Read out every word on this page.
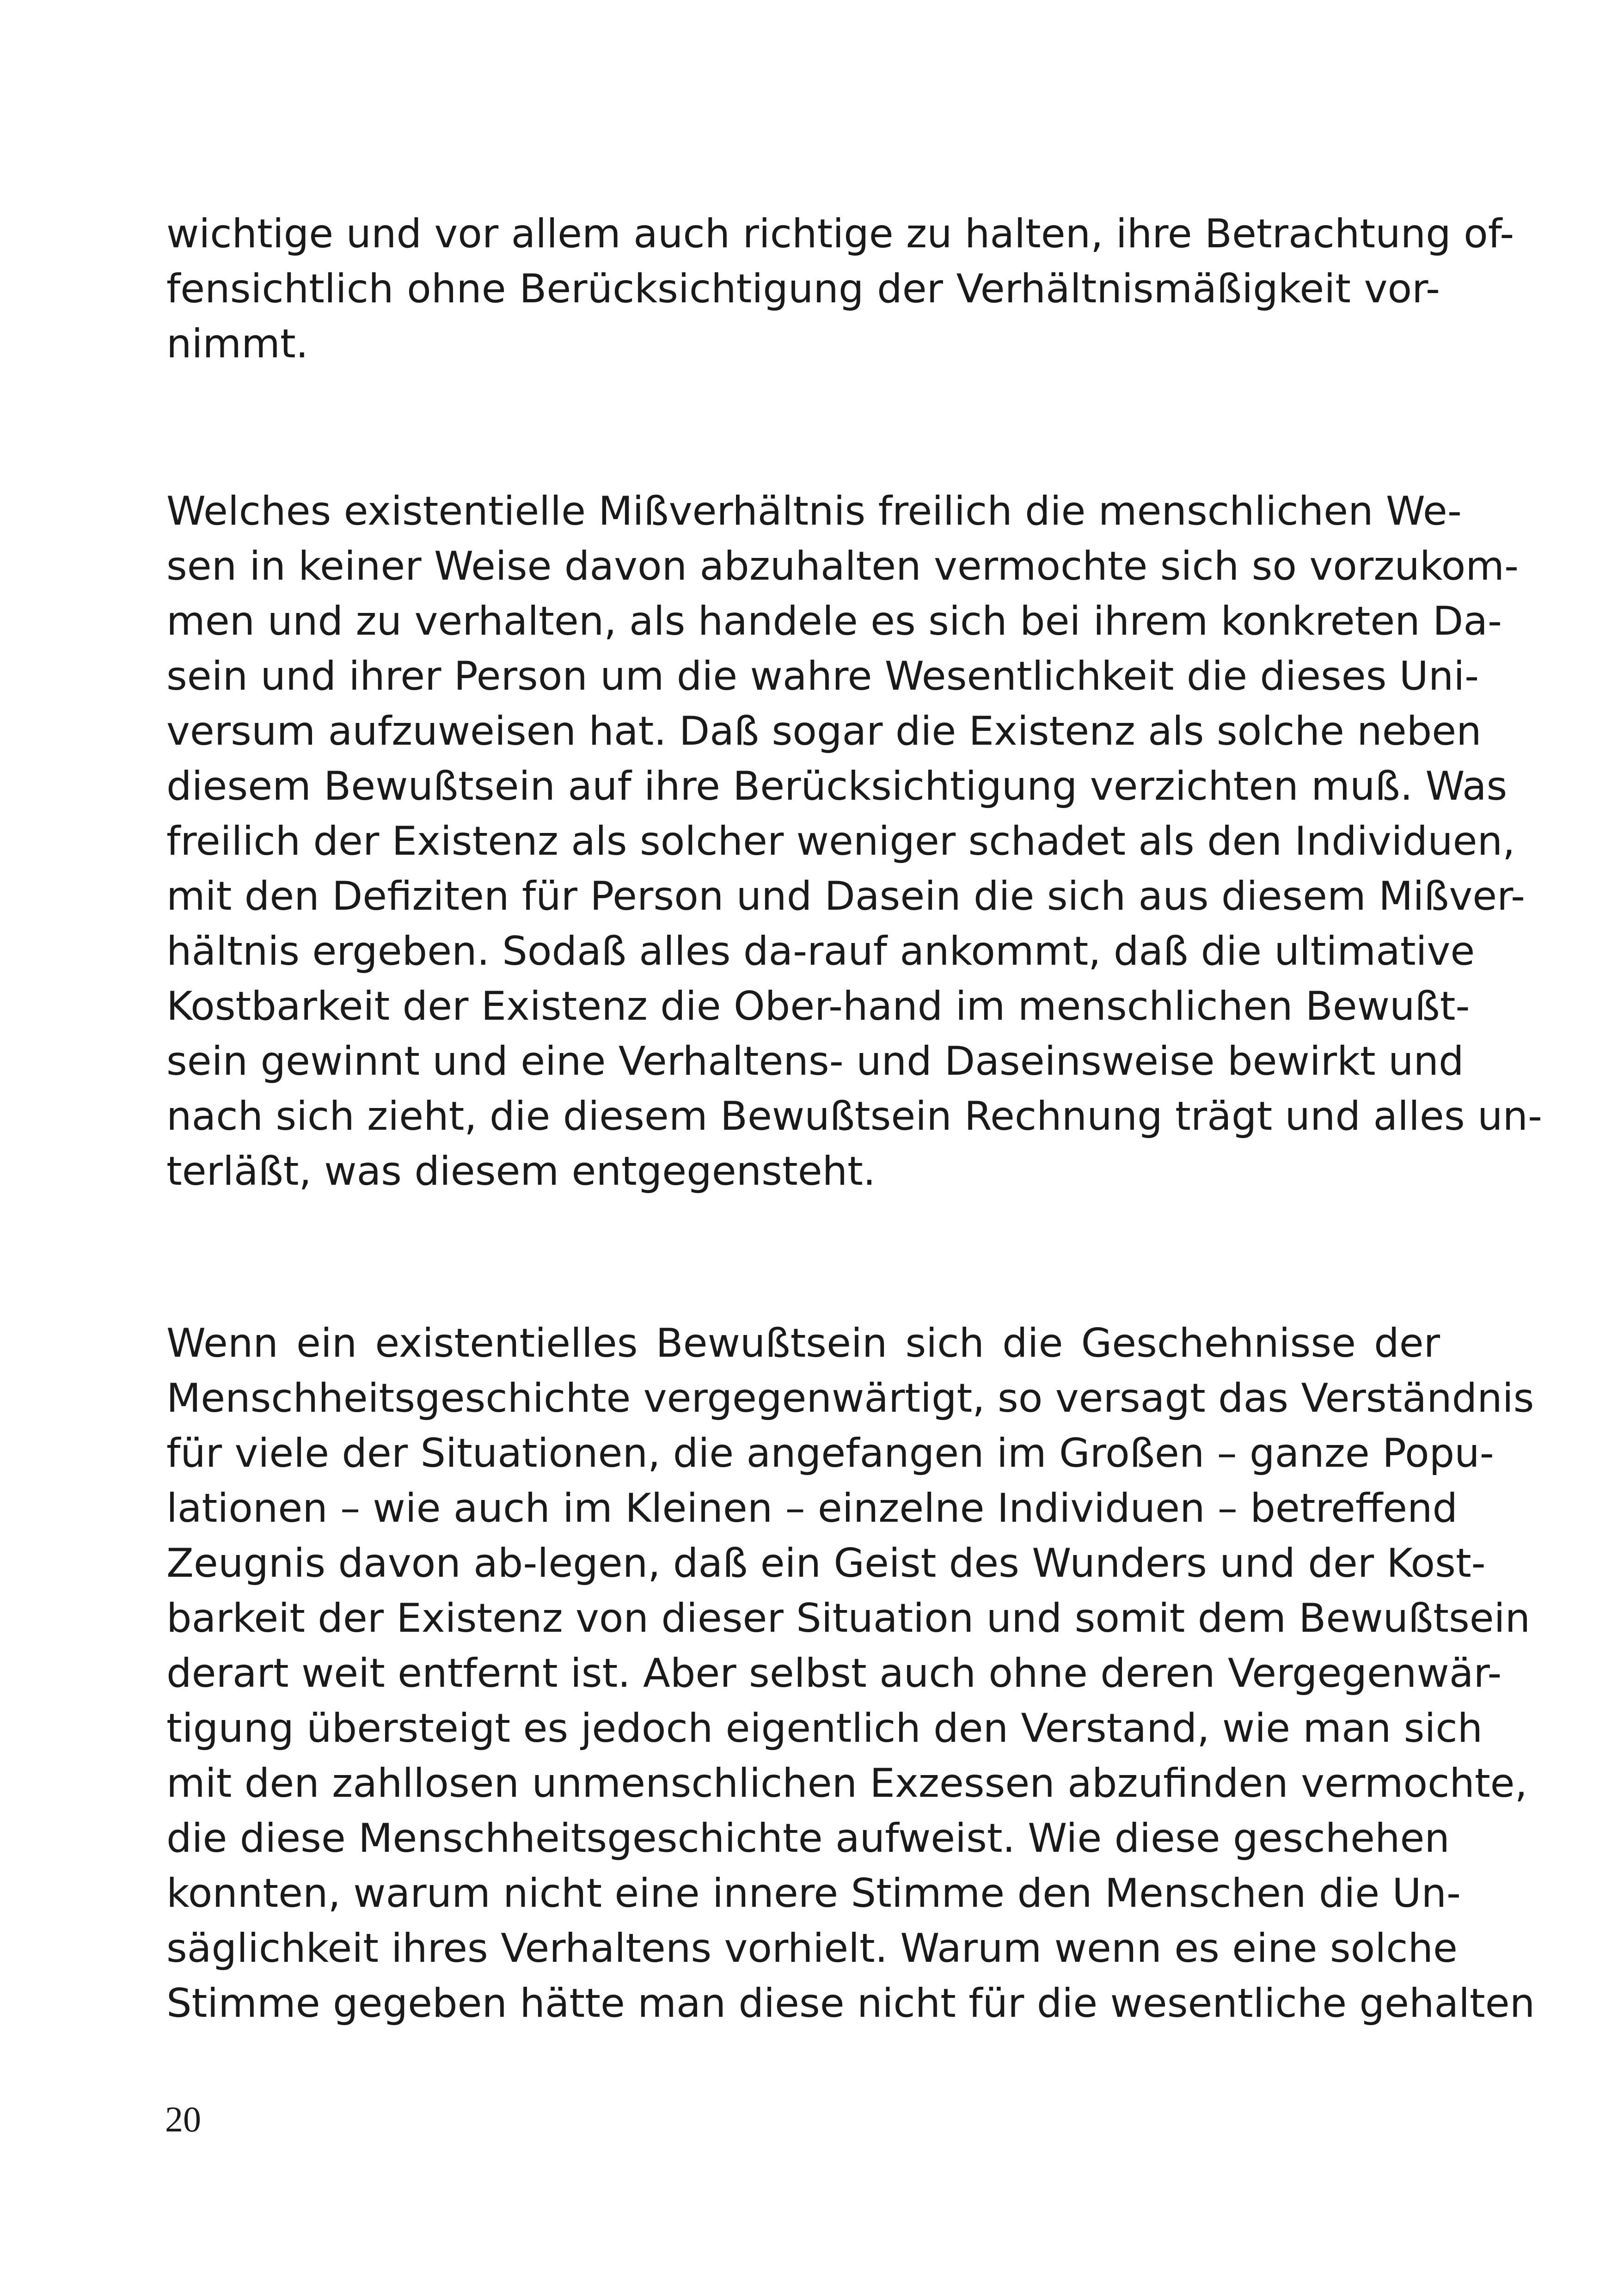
wichtige und vor allem auch richtige zu halten, ihre Betrachtung of-
fensichtlich ohne Berücksichtigung der Verhältnismäßigkeit vor-
nimmt.
Welches existentielle Mißverhältnis freilich die menschlichen We-
sen in keiner Weise davon abzuhalten vermochte sich so vorzukom-
men und zu verhalten, als handele es sich bei ihrem konkreten Da-
sein und ihrer Person um die wahre Wesentlichkeit die dieses Uni-
versum aufzuweisen hat. Daß sogar die Existenz als solche neben
diesem Bewußtsein auf ihre Berücksichtigung verzichten muß. Was
freilich der Existenz als solcher weniger schadet als den Individuen,
mit den Defiziten für Person und Dasein die sich aus diesem Mißver-
hältnis ergeben. Sodaß alles da-rauf ankommt, daß die ultimative
Kostbarkeit der Existenz die Ober-hand im menschlichen Bewußt-
sein gewinnt und eine Verhaltens- und Daseinsweise bewirkt und
nach sich zieht, die diesem Bewußtsein Rechnung trägt und alles un-
terläßt, was diesem entgegensteht.
Wenn ein existentielles Bewußtsein sich die Geschehnisse der
Menschheitsgeschichte vergegenwärtigt, so versagt das Verständnis
für viele der Situationen, die angefangen im Großen – ganze Popu-
lationen – wie auch im Kleinen – einzelne Individuen – betreffend
Zeugnis davon ab-legen, daß ein Geist des Wunders und der Kost-
barkeit der Existenz von dieser Situation und somit dem Bewußtsein
derart weit entfernt ist. Aber selbst auch ohne deren Vergegenwär-
tigung übersteigt es jedoch eigentlich den Verstand, wie man sich
mit den zahllosen unmenschlichen Exzessen abzufinden vermochte,
die diese Menschheitsgeschichte aufweist. Wie diese geschehen
konnten, warum nicht eine innere Stimme den Menschen die Un-
säglichkeit ihres Verhaltens vorhielt. Warum wenn es eine solche
Stimme gegeben hätte man diese nicht für die wesentliche gehalten
20
